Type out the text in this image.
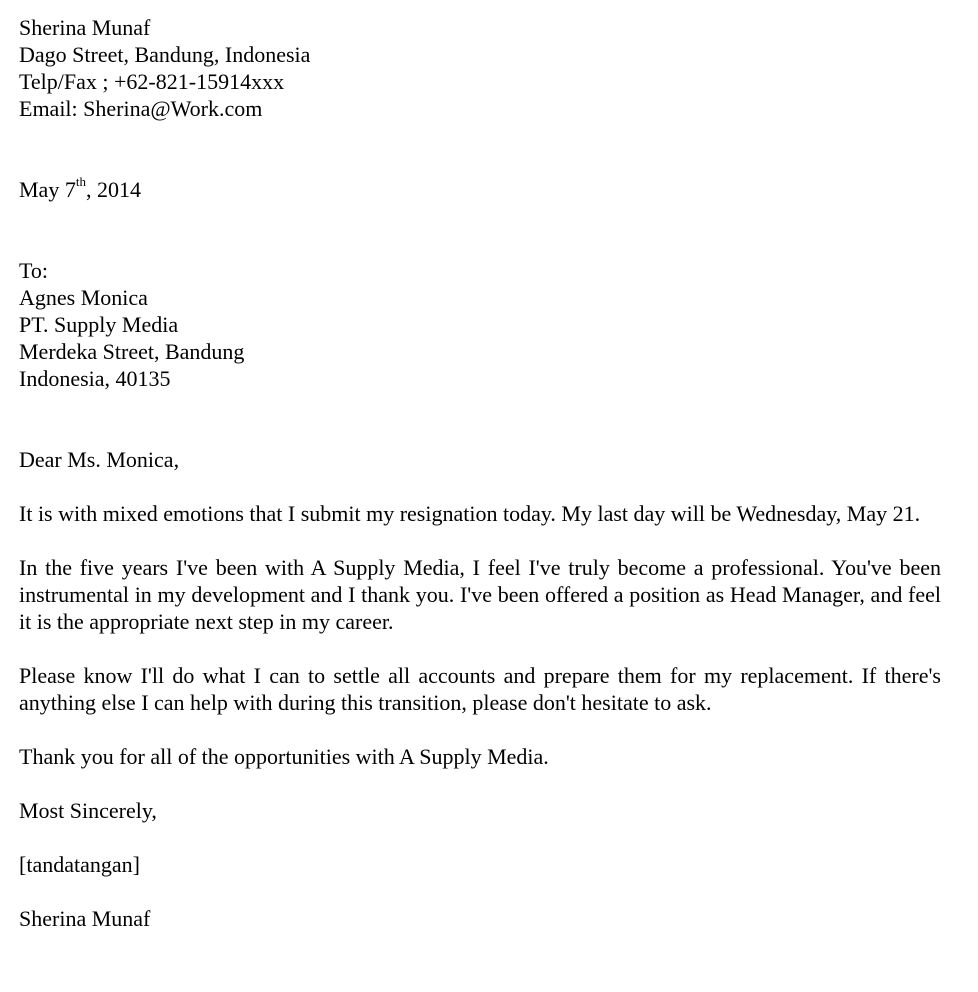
Sherina Munaf
Dago Street, Bandung, Indonesia
Telp/Fax ; +62-821-15914xxx
Email: Sherina@Work.com
May 7th, 2014
To:
Agnes Monica
PT. Supply Media
Merdeka Street, Bandung
Indonesia, 40135
Dear Ms. Monica,

It is with mixed emotions that I submit my resignation today. My last day will be Wednesday, May 21.

In the five years I've been with A Supply Media, I feel I've truly become a professional. You've been instrumental in my development and I thank you. I've been offered a position as Head Manager, and feel it is the appropriate next step in my career.

Please know I'll do what I can to settle all accounts and prepare them for my replacement. If there's anything else I can help with during this transition, please don't hesitate to ask.

Thank you for all of the opportunities with A Supply Media.

Most Sincerely,
[tandatangan]
Sherina Munaf
